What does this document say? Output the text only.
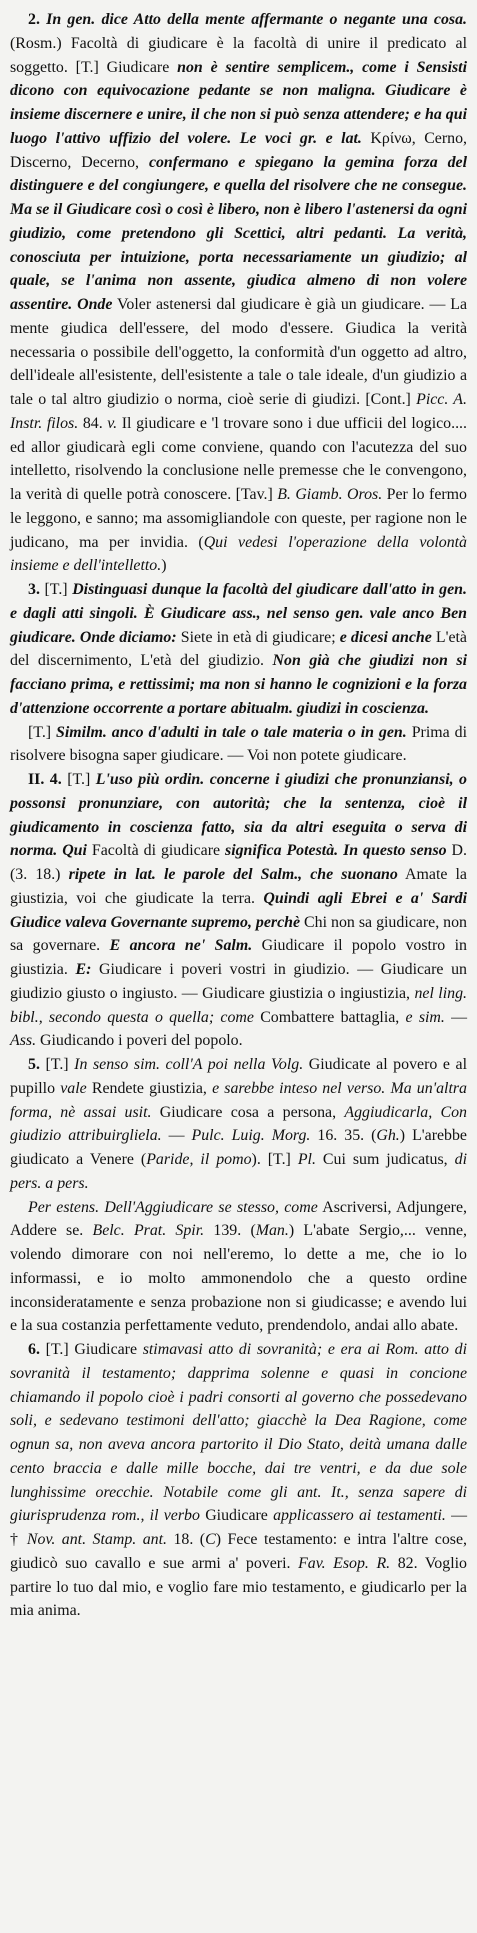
2. In gen. dice Atto della mente affermante o negante una cosa. (Rosm.) Facoltà di giudicare è la facoltà di unire il predicato al soggetto. [T.] Giudicare non è sentire semplicem., come i Sensisti dicono con equivocazione pedante se non maligna. Giudicare è insieme discernere e unire, il che non si può senza attendere; e ha qui luogo l'attivo uffizio del volere. Le voci gr. e lat. Κρίνω, Cerno, Discerno, Decerno, confermano e spiegano la gemina forza del distinguere e del congiungere, e quella del risolvere che ne consegue. Ma se il Giudicare così o così è libero, non è libero l'astenersi da ogni giudizio, come pretendono gli Scettici, altri pedanti. La verità, conosciuta per intuizione, porta necessariamente un giudizio; al quale, se l'anima non assente, giudica almeno di non volere assentire. Onde Voler astenersi dal giudicare è già un giudicare. — La mente giudica dell'essere, del modo d'essere. Giudica la verità necessaria o possibile dell'oggetto, la conformità d'un oggetto ad altro, dell'ideale all'esistente, dell'esistente a tale o tale ideale, d'un giudizio a tale o tal altro giudizio o norma, cioè serie di giudizi. [Cont.] Picc. A. Instr. filos. 84. v. Il giudicare e 'l trovare sono i due ufficii del logico.... ed allor giudicarà egli come conviene, quando con l'acutezza del suo intelletto, risolvendo la conclusione nelle premesse che le convengono, la verità di quelle potrà conoscere. [Tav.] B. Giamb. Oros. Per lo fermo le leggono, e sanno; ma assomigliandole con queste, per ragione non le judicano, ma per invidia. (Qui vedesi l'operazione della volontà insieme e dell'intelletto.)

3. [T.] Distinguasi dunque la facoltà del giudicare dall'atto in gen. e dagli atti singoli. È Giudicare ass., nel senso gen. vale anco Ben giudicare. Onde diciamo: Siete in età di giudicare; e dicesi anche L'età del discernimento, L'età del giudizio. Non già che giudizi non si facciano prima, e rettissimi; ma non si hanno le cognizioni e la forza d'attenzione occorrente a portare abitualm. giudizi in coscienza.

[T.] Similm. anco d'adulti in tale o tale materia o in gen. Prima di risolvere bisogna saper giudicare. — Voi non potete giudicare.

II. 4. [T.] L'uso più ordin. concerne i giudizi che pronunziansi, o possonsi pronunziare, con autorità; che la sentenza, cioè il giudicamento in coscienza fatto, sia da altri eseguita o serva di norma. Qui Facoltà di giudicare significa Potestà. In questo senso D. (3. 18.) ripete in lat. le parole del Salm., che suonano Amate la giustizia, voi che giudicate la terra. Quindi agli Ebrei e a' Sardi Giudice valeva Governante supremo, perchè Chi non sa giudicare, non sa governare. E ancora ne' Salm. Giudicare il popolo vostro in giustizia. E: Giudicare i poveri vostri in giudizio. — Giudicare un giudizio giusto o ingiusto. — Giudicare giustizia o ingiustizia, nel ling. bibl., secondo questa o quella; come Combattere battaglia, e sim. — Ass. Giudicando i poveri del popolo.

5. [T.] In senso sim. coll'A poi nella Volg. Giudicate al povero e al pupillo vale Rendete giustizia, e sarebbe inteso nel verso. Ma un'altra forma, nè assai usit. Giudicare cosa a persona, Aggiudicarla, Con giudizio attribuirgliela. — Pulc. Luig. Morg. 16. 35. (Gh.) L'arebbe giudicato a Venere (Paride, il pomo). [T.] Pl. Cui sum judicatus, di pers. a pers.

Per estens. Dell'Aggiudicare se stesso, come Ascriversi, Adjungere, Addere se. Belc. Prat. Spir. 139. (Man.) L'abate Sergio,... venne, volendo dimorare con noi nell'eremo, lo dette a me, che io lo informassi, e io molto ammonendolo che a questo ordine inconsideratamente e senza probazione non si giudicasse; e avendo lui e la sua costanzia perfettamente veduto, prendendolo, andai allo abate.

6. [T.] Giudicare stimavasi atto di sovranità; e era ai Rom. atto di sovranità il testamento; dapprima solenne e quasi in concione chiamando il popolo cioè i padri consorti al governo che possedevano soli, e sedevano testimoni dell'atto; giacchè la Dea Ragione, come ognun sa, non aveva ancora partorito il Dio Stato, deità umana dalle cento braccia e dalle mille bocche, dai tre ventri, e da due sole lunghissime orecchie. Notabile come gli ant. It., senza sapere di giurisprudenza rom., il verbo Giudicare applicassero ai testamenti. — † Nov. ant. Stamp. ant. 18. (C) Fece testamento: e intra l'altre cose, giudicò suo cavallo e sue armi a' poveri. Fav. Esop. R. 82. Voglio partire lo tuo dal mio, e voglio fare mio testamento, e giudicarlo per la mia anima.
